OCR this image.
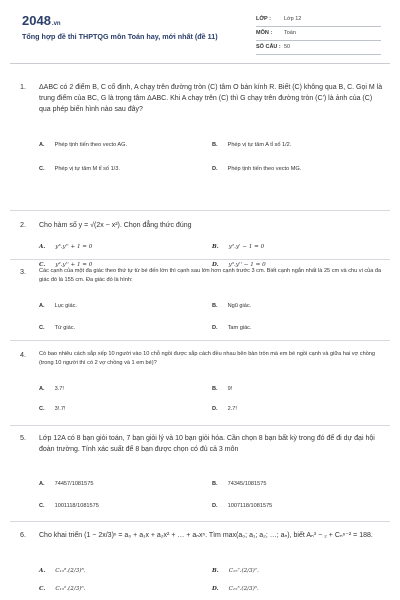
2048.vn
Tổng hợp đề thi THPTQG môn Toán hay, mới nhất (đề 11)
LỚP : Lớp 12
MÔN : Toán
SỐ CÂU : 50
1. ΔABC có 2 điểm B, C cố định, A chạy trên đường tròn (C) tâm O bán kính R. Biết (C) không qua B, C. Gọi M là trung điểm của BC, G là trọng tâm ΔABC. Khi A chạy trên (C) thì G chạy trên đường tròn (C') là ảnh của (C) qua phép biến hình nào sau đây?
A. Phép tịnh tiến theo vecto AG.	B. Phép vị tự tâm A tỉ số 1/2.
C. Phép vị tự tâm M tỉ số 1/3.	D. Phép tịnh tiến theo vecto MG.
2. Cho hàm số y = √(2x − x²). Chọn đẳng thức đúng
A. y³.y'' + 1 = 0	B. y².y' − 1 = 0
C. y².y'' + 1 = 0	D. y³.y'' − 1 = 0
3. Các cạnh của một đa giác theo thứ tự từ bé đến lớn thì cạnh sau lớn hơn cạnh trước 3 cm. Biết cạnh ngắn nhất là 25 cm và chu vi của đa giác đó là 155 cm. Đa giác đó là hình:
A. Lục giác.	B. Ngũ giác.
C. Tứ giác.	D. Tam giác.
4. Có bao nhiêu cách sắp xếp 10 người vào 10 chỗ ngồi được sắp cách đều nhau bên bàn tròn mà em bé ngồi cạnh và giữa hai vợ chồng (trong 10 người thì có 2 vợ chồng và 1 em bé)?
A. 3.7!	B. 9!
C. 3!.7!	D. 2.7!
5. Lớp 12A có 8 bạn giỏi toán, 7 bạn giỏi lý và 10 bạn giỏi hóa. Cần chọn 8 bạn bất kỳ trong đó để đi dự đại hội đoàn trường. Tính xác suất để 8 bạn được chọn có đủ cả 3 môn
A. 74457/1081575	B. 74345/1081575
C. 1001118/1081575	D. 1007118/1081575
6. Cho khai triển (1 − 2x/3)ⁿ = a₀ + a₁x + a₂x² + … + aₙxⁿ. Tìm max(a₀; a₁; a₂; …; aₙ), biết Aₙ³ − ₂ + Cₙⁿ⁻² = 188.
A. C₁₅⁸.(2/3)⁸.	B. C₁₅⁷.(2/3)⁷.
C. C₁₅⁶.(2/3)⁶.	D. C₁₅⁵.(2/3)⁵.
